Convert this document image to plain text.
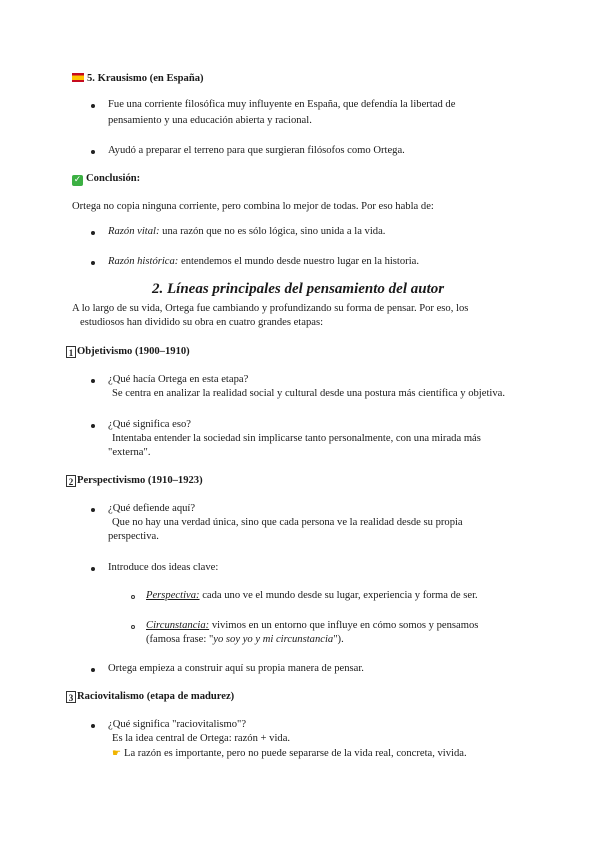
5. Krausismo (en España)
Fue una corriente filosófica muy influyente en España, que defendía la libertad de
pensamiento y una educación abierta y racional.
Ayudó a preparar el terreno para que surgieran filósofos como Ortega.
✓ Conclusión:
Ortega no copia ninguna corriente, pero combina lo mejor de todas. Por eso habla de:
Razón vital: una razón que no es sólo lógica, sino unida a la vida.
Razón histórica: entendemos el mundo desde nuestro lugar en la historia.
2. Líneas principales del pensamiento del autor
A lo largo de su vida, Ortega fue cambiando y profundizando su forma de pensar. Por eso, los
estudiosos han dividido su obra en cuatro grandes etapas:
1 Objetivismo (1900–1910)
¿Qué hacía Ortega en esta etapa?
Se centra en analizar la realidad social y cultural desde una postura más científica y objetiva.
¿Qué significa eso?
Intentaba entender la sociedad sin implicarse tanto personalmente, con una mirada más
"externa".
2 Perspectivismo (1910–1923)
¿Qué defiende aquí?
Que no hay una verdad única, sino que cada persona ve la realidad desde su propia
perspectiva.
Introduce dos ideas clave:
Perspectiva: cada uno ve el mundo desde su lugar, experiencia y forma de ser.
Circunstancia: vivimos en un entorno que influye en cómo somos y pensamos
(famosa frase: "yo soy yo y mi circunstancia").
Ortega empieza a construir aquí su propia manera de pensar.
3 Raciovitalismo (etapa de madurez)
¿Qué significa "raciovitalismo"?
Es la idea central de Ortega: razón + vida.
☛ La razón es importante, pero no puede separarse de la vida real, concreta, vivida.
